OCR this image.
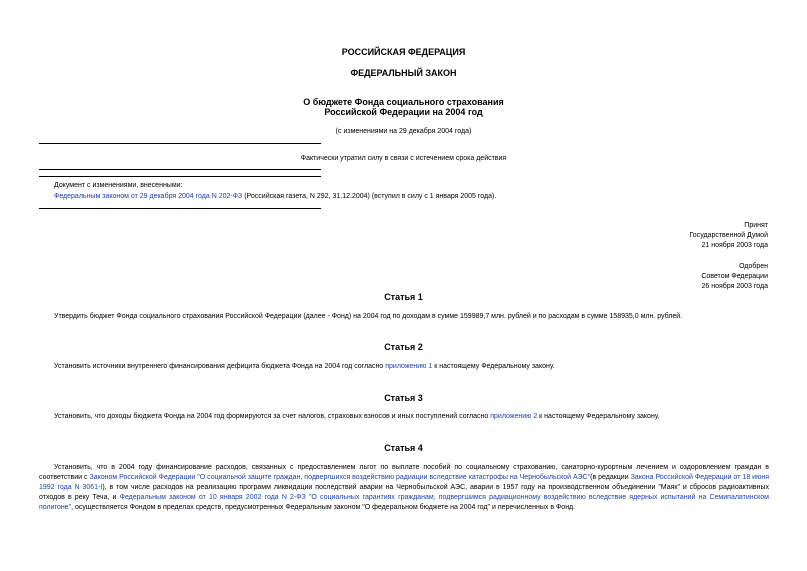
РОССИЙСКАЯ ФЕДЕРАЦИЯ
ФЕДЕРАЛЬНЫЙ ЗАКОН
О бюджете Фонда социального страхования
Российской Федерации на 2004 год
(с изменениями на 29 декабря 2004 года)
Фактически утратил силу в связи с истечением срока действия
Документ с изменениями, внесенными:
Федеральным законом от 29 декабря 2004 года N 202-ФЗ (Российская газета, N 292, 31.12.2004) (вступил в силу с 1 января 2005 года).
Принят
Государственной Думой
21 ноября 2003 года
Одобрен
Советом Федерации
26 ноября 2003 года
Статья 1
Утвердить бюджет Фонда социального страхования Российской Федерации (далее - Фонд) на 2004 год по доходам в сумме 159989,7 млн. рублей и по расходам в сумме 158935,0 млн. рублей.
Статья 2
Установить источники внутреннего финансирования дефицита бюджета Фонда на 2004 год согласно приложению 1 к настоящему Федеральному закону.
Статья 3
Установить, что доходы бюджета Фонда на 2004 год формируются за счет налогов, страховых взносов и иных поступлений согласно приложению 2 к настоящему Федеральному закону.
Статья 4
Установить, что в 2004 году финансирование расходов, связанных с предоставлением льгот по выплате пособий по социальному страхованию, санаторно-курортным лечением и оздоровлением граждан в соответствии с Законом Российской Федерации "О социальной защите граждан, подвергшихся воздействию радиации вследствие катастрофы на Чернобыльской АЭС"(в редакции Закона Российской Федерации от 18 июня 1992 года N 3061-I), в том числе расходов на реализацию программ ликвидации последствий аварии на Чернобыльской АЭС, аварии в 1957 году на производственном объединении "Маяк" и сбросов радиоактивных отходов в реку Теча, и Федеральным законом от 10 января 2002 года N 2-ФЗ "О социальных гарантиях гражданам, подвергшимся радиационному воздействию вследствие ядерных испытаний на Семипалатинском полигоне", осуществляется Фондом в пределах средств, предусмотренных Федеральным законом "О федеральном бюджете на 2004 год" и перечисленных в Фонд.
